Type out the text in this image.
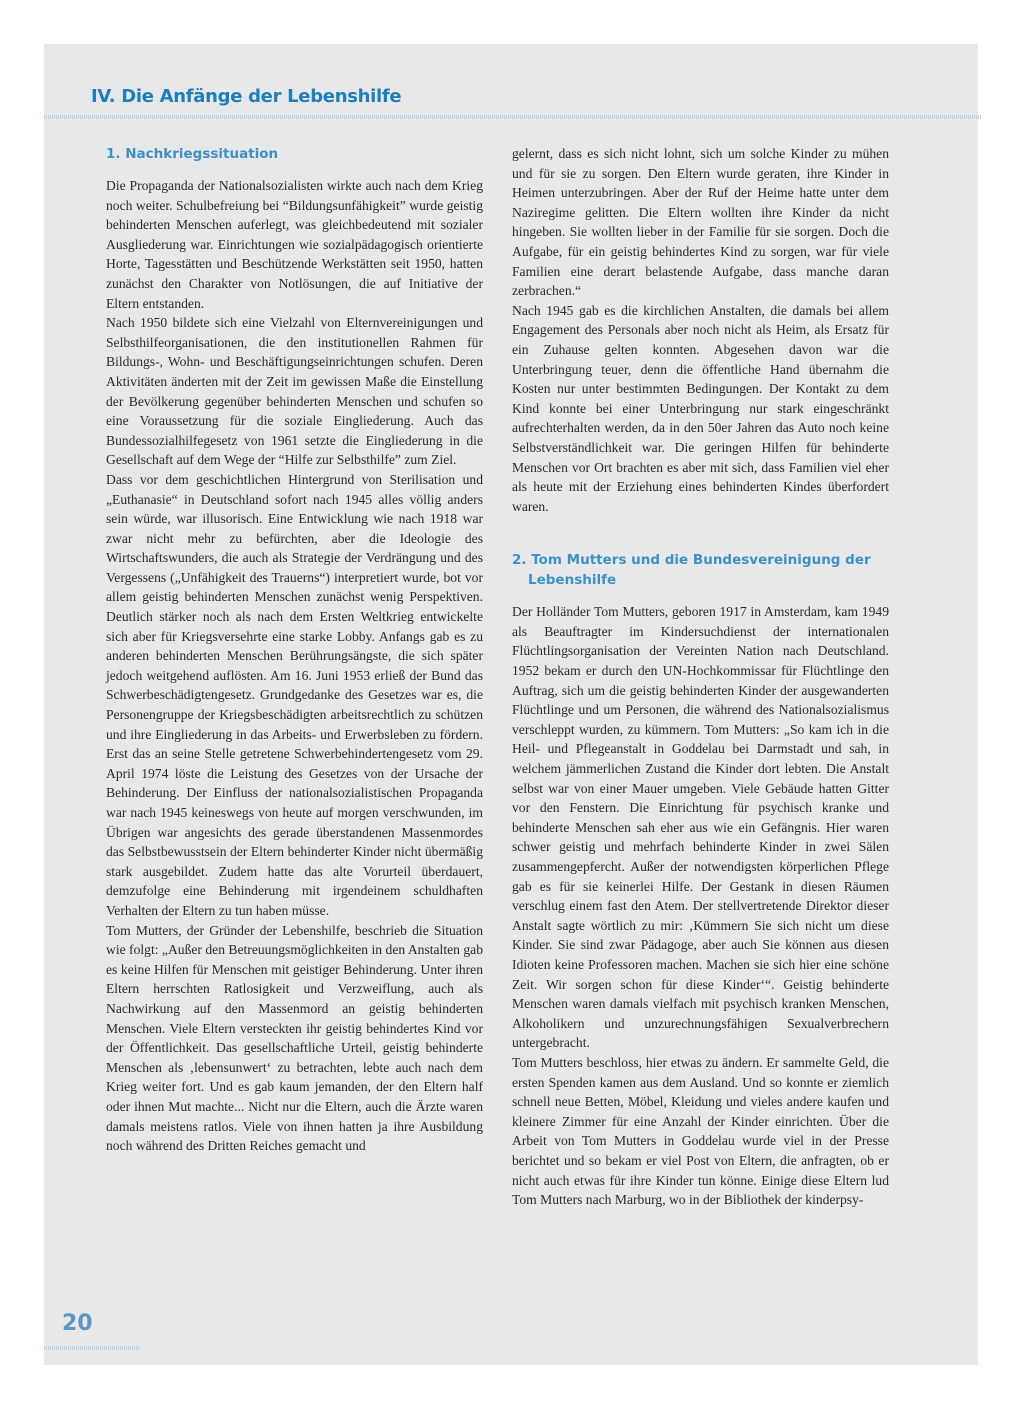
IV. Die Anfänge der Lebenshilfe
1. Nachkriegssituation

Die Propaganda der Nationalsozialisten wirkte auch nach dem Krieg noch weiter. Schulbefreiung bei “Bildungsunfähigkeit” wurde geistig behinderten Menschen auferlegt, was gleichbedeutend mit sozialer Ausgliederung war. Einrichtungen wie sozialpädagogisch orientierte Horte, Tagesstätten und Beschützende Werkstätten seit 1950, hatten zunächst den Charakter von Notlösungen, die auf Initiative der Eltern entstanden.

Nach 1950 bildete sich eine Vielzahl von Elternvereinigungen und Selbsthilfeorganisationen, die den institutionellen Rahmen für Bildungs-, Wohn- und Beschäftigungseinrichtungen schufen. Deren Aktivitäten änderten mit der Zeit im gewissen Maße die Einstellung der Bevölkerung gegenüber behinderten Menschen und schufen so eine Voraussetzung für die soziale Eingliederung. Auch das Bundessozialhilfegesetz von 1961 setzte die Eingliederung in die Gesellschaft auf dem Wege der “Hilfe zur Selbsthilfe” zum Ziel.

Dass vor dem geschichtlichen Hintergrund von Sterilisation und „Euthanasie“ in Deutschland sofort nach 1945 alles völlig anders sein würde, war illusorisch. Eine Entwicklung wie nach 1918 war zwar nicht mehr zu befürchten, aber die Ideologie des Wirtschaftswunders, die auch als Strategie der Verdrängung und des Vergessens („Unfähigkeit des Trauerns“) interpretiert wurde, bot vor allem geistig behinderten Menschen zunächst wenig Perspektiven. Deutlich stärker noch als nach dem Ersten Weltkrieg entwickelte sich aber für Kriegsversehrte eine starke Lobby. Anfangs gab es zu anderen behinderten Menschen Berührungsängste, die sich später jedoch weitgehend auflösten. Am 16. Juni 1953 erließ der Bund das Schwerbeschädigtengesetz. Grundgedanke des Gesetzes war es, die Personengruppe der Kriegsbeschädigten arbeitsrechtlich zu schützen und ihre Eingliederung in das Arbeits- und Erwerbsleben zu fördern. Erst das an seine Stelle getretene Schwerbehindertengesetz vom 29. April 1974 löste die Leistung des Gesetzes von der Ursache der Behinderung. Der Einfluss der nationalsozialistischen Propaganda war nach 1945 keineswegs von heute auf morgen verschwunden, im Übrigen war angesichts des gerade überstandenen Massenmordes das Selbstbewusstsein der Eltern behinderter Kinder nicht übermäßig stark ausgebildet. Zudem hatte das alte Vorurteil überdauert, demzufolge eine Behinderung mit irgendeinem schuldhaften Verhalten der Eltern zu tun haben müsse.

Tom Mutters, der Gründer der Lebenshilfe, beschrieb die Situation wie folgt: „Außer den Betreuungsmöglichkeiten in den Anstalten gab es keine Hilfen für Menschen mit geistiger Behinderung. Unter ihren Eltern herrschten Ratlosigkeit und Verzweiflung, auch als Nachwirkung auf den Massenmord an geistig behinderten Menschen. Viele Eltern versteckten ihr geistig behindertes Kind vor der Öffentlichkeit. Das gesellschaftliche Urteil, geistig behinderte Menschen als ‚lebensunwert‘ zu betrachten, lebte auch nach dem Krieg weiter fort. Und es gab kaum jemanden, der den Eltern half oder ihnen Mut machte... Nicht nur die Eltern, auch die Ärzte waren damals meistens ratlos. Viele von ihnen hatten ja ihre Ausbildung noch während des Dritten Reiches gemacht und

gelernt, dass es sich nicht lohnt, sich um solche Kinder zu mühen und für sie zu sorgen. Den Eltern wurde geraten, ihre Kinder in Heimen unterzubringen. Aber der Ruf der Heime hatte unter dem Naziregime gelitten. Die Eltern wollten ihre Kinder da nicht hingeben. Sie wollten lieber in der Familie für sie sorgen. Doch die Aufgabe, für ein geistig behindertes Kind zu sorgen, war für viele Familien eine derart belastende Aufgabe, dass manche daran zerbrachen.“

Nach 1945 gab es die kirchlichen Anstalten, die damals bei allem Engagement des Personals aber noch nicht als Heim, als Ersatz für ein Zuhause gelten konnten. Abgesehen davon war die Unterbringung teuer, denn die öffentliche Hand übernahm die Kosten nur unter bestimmten Bedingungen. Der Kontakt zu dem Kind konnte bei einer Unterbringung nur stark eingeschränkt aufrechterhalten werden, da in den 50er Jahren das Auto noch keine Selbstverständlichkeit war. Die geringen Hilfen für behinderte Menschen vor Ort brachten es aber mit sich, dass Familien viel eher als heute mit der Erziehung eines behinderten Kindes überfordert waren.

2. Tom Mutters und die Bundesvereinigung der Lebenshilfe

Der Holländer Tom Mutters, geboren 1917 in Amsterdam, kam 1949 als Beauftragter im Kindersuchdienst der internationalen Flüchtlingsorganisation der Vereinten Nation nach Deutschland. 1952 bekam er durch den UN-Hochkommissar für Flüchtlinge den Auftrag, sich um die geistig behinderten Kinder der ausgewanderten Flüchtlinge und um Personen, die während des Nationalsozialismus verschleppt wurden, zu kümmern. Tom Mutters: „So kam ich in die Heil- und Pflegeanstalt in Goddelau bei Darmstadt und sah, in welchem jämmerlichen Zustand die Kinder dort lebten. Die Anstalt selbst war von einer Mauer umgeben. Viele Gebäude hatten Gitter vor den Fenstern. Die Einrichtung für psychisch kranke und behinderte Menschen sah eher aus wie ein Gefängnis. Hier waren schwer geistig und mehrfach behinderte Kinder in zwei Sälen zusammengepfercht. Außer der notwendigsten körperlichen Pflege gab es für sie keinerlei Hilfe. Der Gestank in diesen Räumen verschlug einem fast den Atem. Der stellvertretende Direktor dieser Anstalt sagte wörtlich zu mir: ‚Kümmern Sie sich nicht um diese Kinder. Sie sind zwar Pädagoge, aber auch Sie können aus diesen Idioten keine Professoren machen. Machen sie sich hier eine schöne Zeit. Wir sorgen schon für diese Kinder‘“. Geistig behinderte Menschen waren damals vielfach mit psychisch kranken Menschen, Alkoholikern und unzurechnungsfähigen Sexualverbrechern untergebracht.

Tom Mutters beschloss, hier etwas zu ändern. Er sammelte Geld, die ersten Spenden kamen aus dem Ausland. Und so konnte er ziemlich schnell neue Betten, Möbel, Kleidung und vieles andere kaufen und kleinere Zimmer für eine Anzahl der Kinder einrichten. Über die Arbeit von Tom Mutters in Goddelau wurde viel in der Presse berichtet und so bekam er viel Post von Eltern, die anfragten, ob er nicht auch etwas für ihre Kinder tun könne. Einige diese Eltern lud Tom Mutters nach Marburg, wo in der Bibliothek der kinderpsy-

20
